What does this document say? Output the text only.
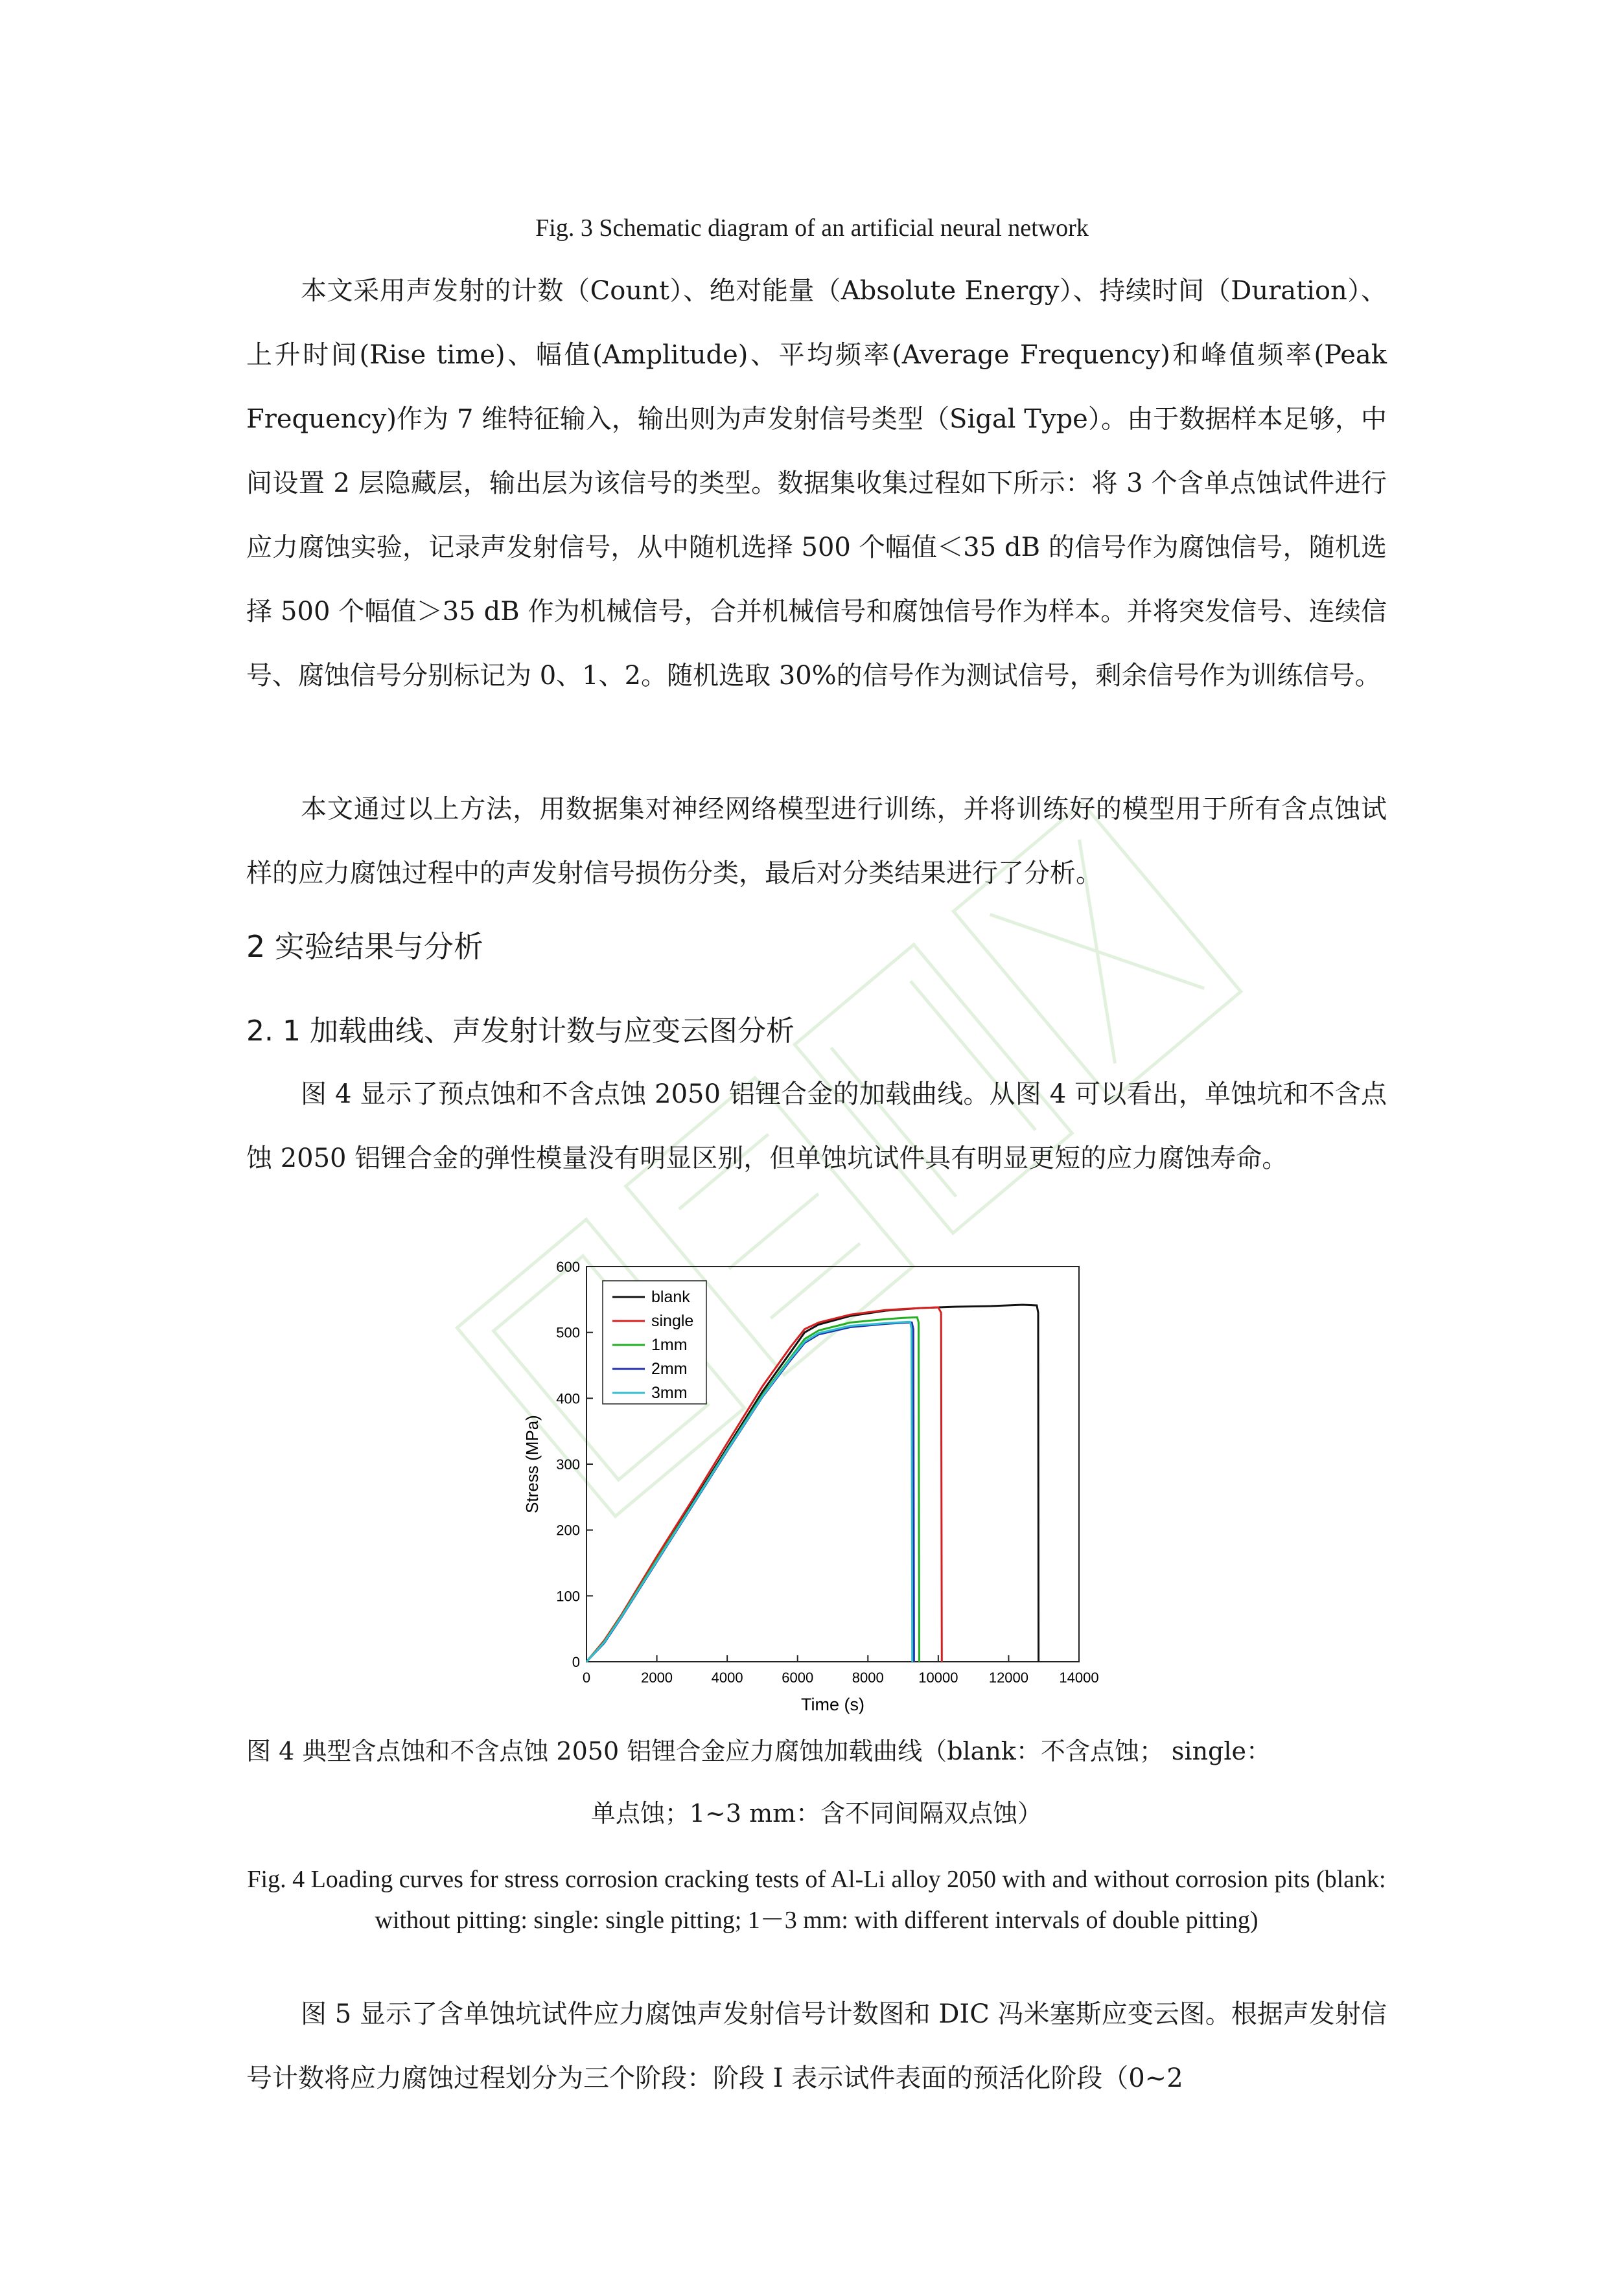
Fig. 3 Schematic diagram of an artificial neural network

本文采用声发射的计数（Count）、绝对能量（Absolute Energy）、持续时间（Duration）、上升时间(Rise time)、幅值(Amplitude)、平均频率(Average Frequency)和峰值频率(Peak Frequency)作为 7 维特征输入，输出则为声发射信号类型（Sigal Type）。由于数据样本足够，中间设置 2 层隐藏层，输出层为该信号的类型。数据集收集过程如下所示：将 3 个含单点蚀试件进行应力腐蚀实验，记录声发射信号，从中随机选择 500 个幅值＜35 dB 的信号作为腐蚀信号，随机选择 500 个幅值＞35 dB 作为机械信号，合并机械信号和腐蚀信号作为样本。并将突发信号、连续信号、腐蚀信号分别标记为 0、1、2。随机选取 30%的信号作为测试信号，剩余信号作为训练信号。

本文通过以上方法，用数据集对神经网络模型进行训练，并将训练好的模型用于所有含点蚀试样的应力腐蚀过程中的声发射信号损伤分类，最后对分类结果进行了分析。

2 实验结果与分析
2. 1 加载曲线、声发射计数与应变云图分析

图 4 显示了预点蚀和不含点蚀 2050 铝锂合金的加载曲线。从图 4 可以看出，单蚀坑和不含点蚀 2050 铝锂合金的弹性模量没有明显区别，但单蚀坑试件具有明显更短的应力腐蚀寿命。

0
100
200
300
400
500
600
0	2000	4000	6000	8000 10000 12000 14000
blank
single
1mm
2mm
3mm
Stress (MPa)
Time (s)
图 4 典型含点蚀和不含点蚀 2050 铝锂合金应力腐蚀加载曲线（blank：不含点蚀； single：
单点蚀；1~3 mm：含不同间隔双点蚀）
Fig. 4 Loading curves for stress corrosion cracking tests of Al-Li alloy 2050 with and without corrosion pits (blank: without pitting: single: single pitting; 1－3 mm: with different intervals of double pitting)

图 5 显示了含单蚀坑试件应力腐蚀声发射信号计数图和 DIC 冯米塞斯应变云图。根据声发射信号计数将应力腐蚀过程划分为三个阶段：阶段 I 表示试件表面的预活化阶段（0~2
